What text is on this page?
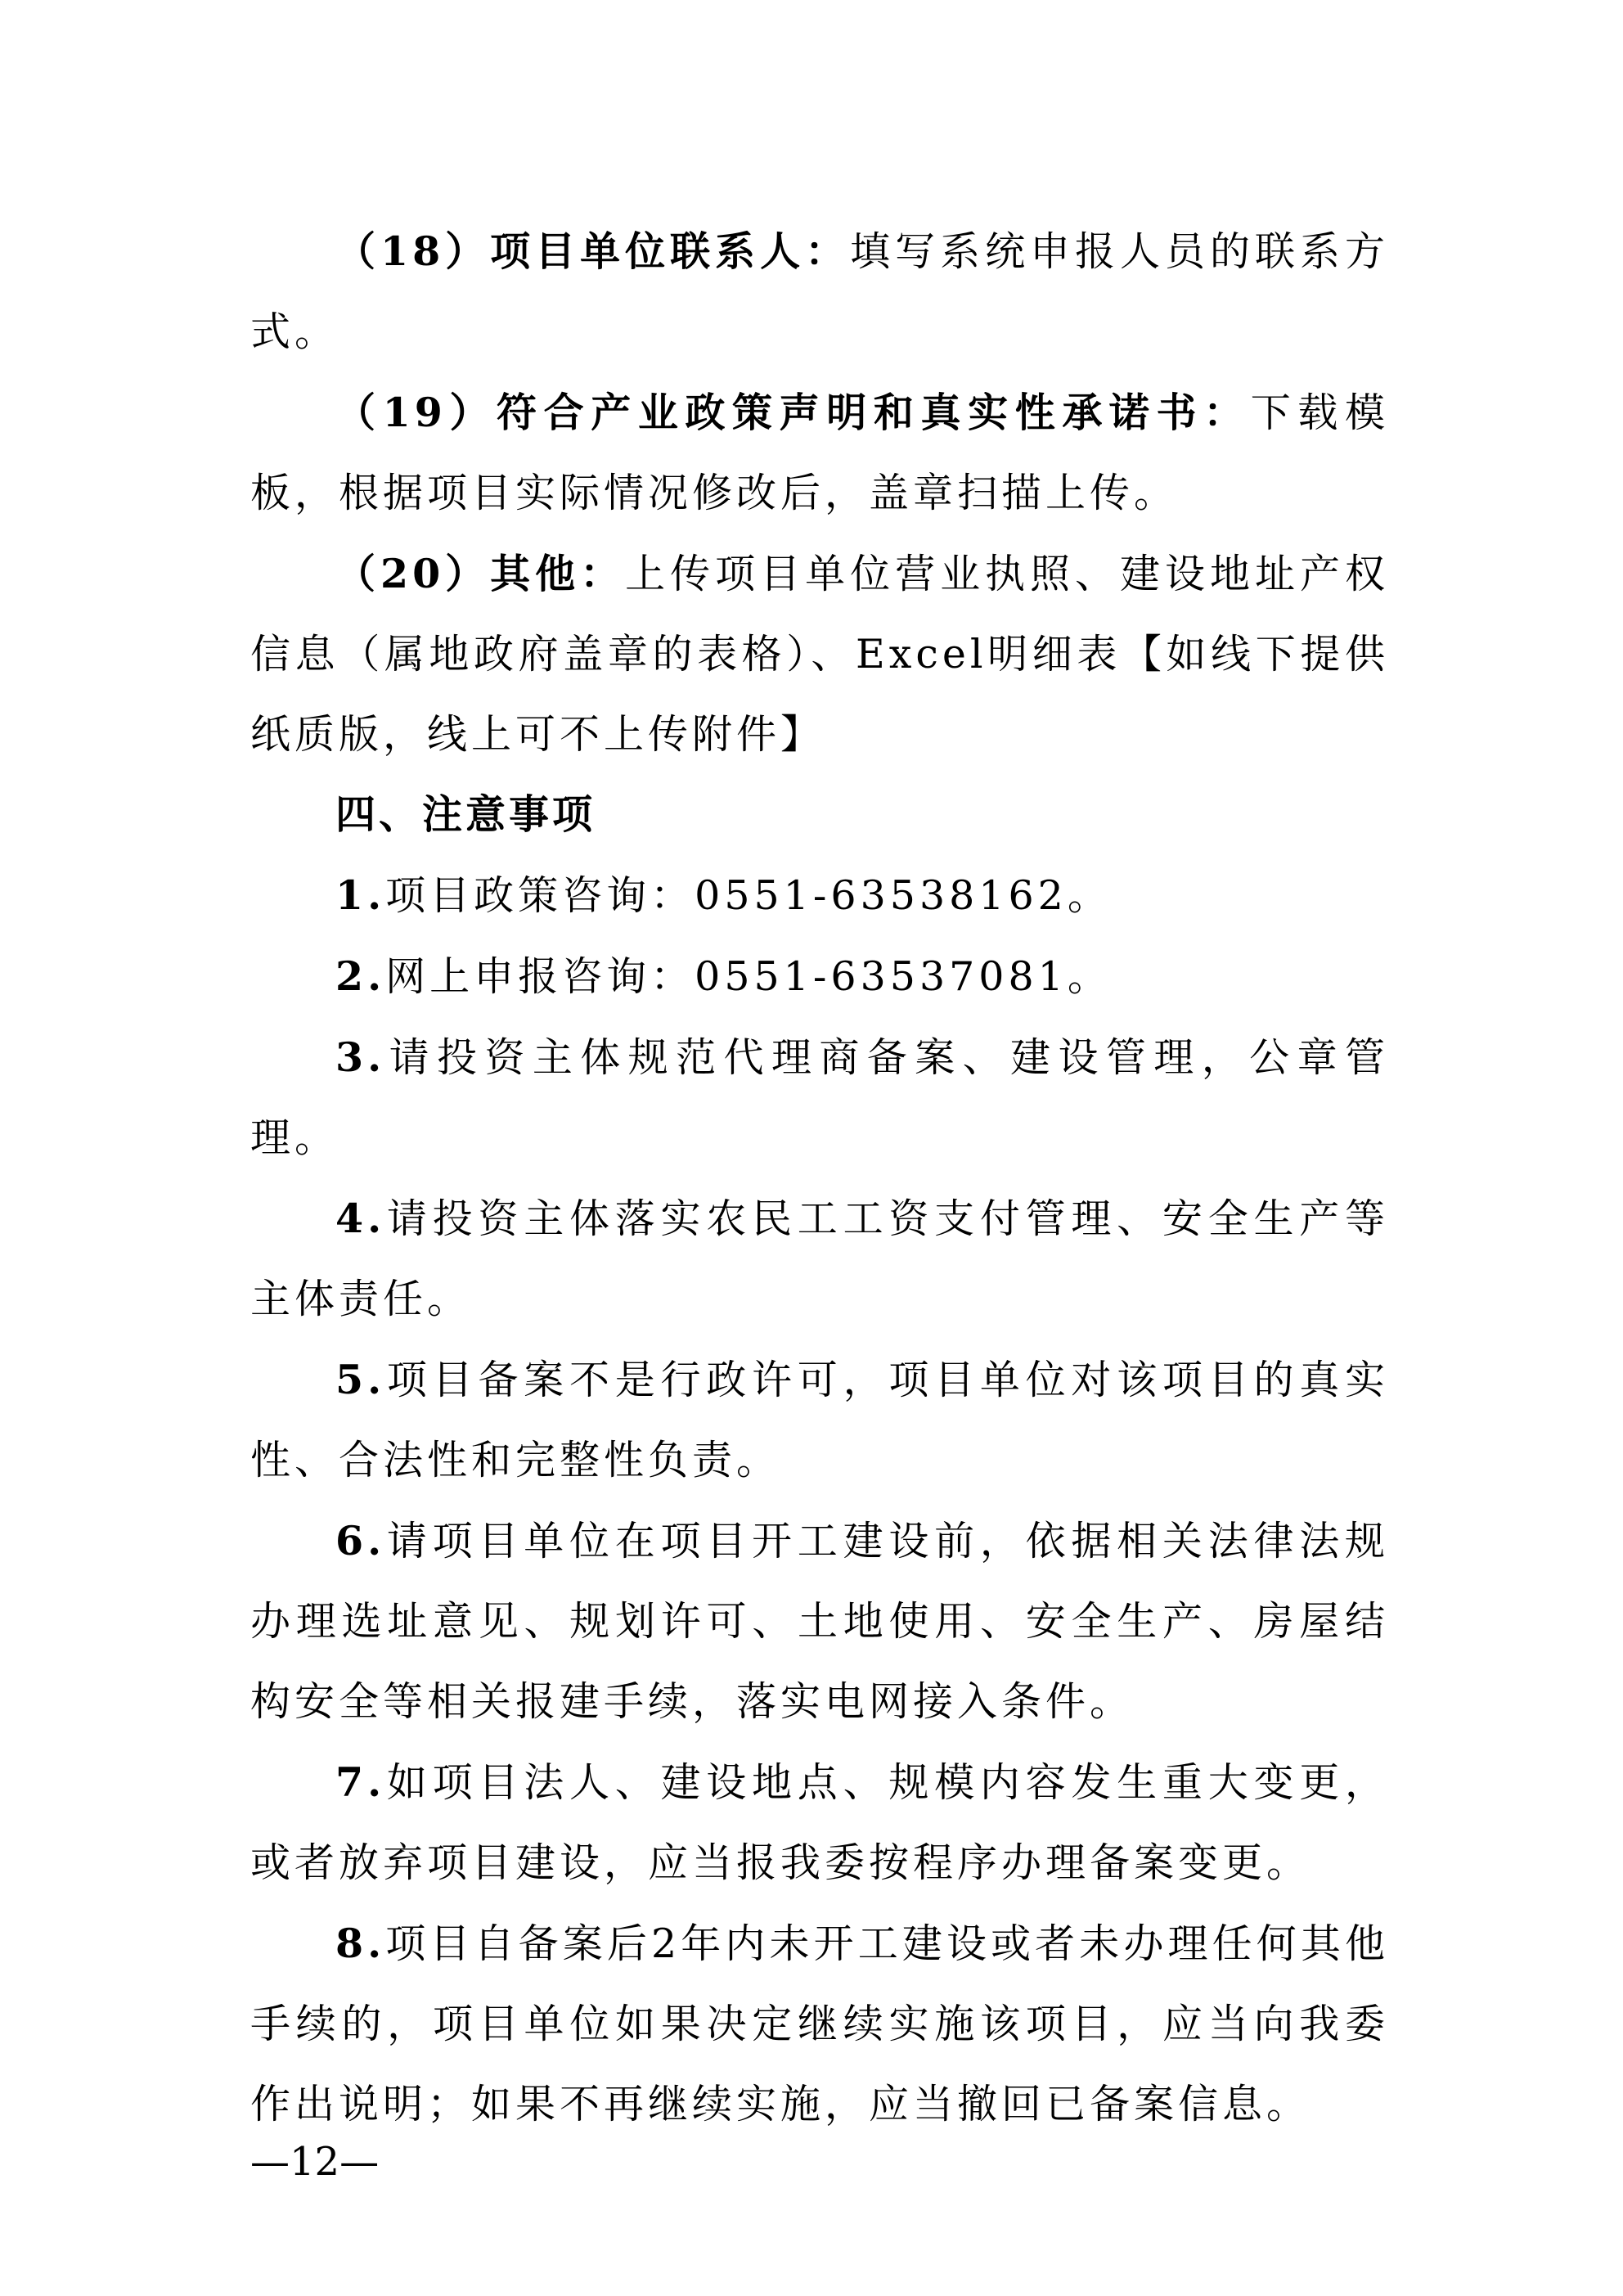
（18）项目单位联系人：填写系统申报人员的联系方式。

（19）符合产业政策声明和真实性承诺书：下载模板，根据项目实际情况修改后，盖章扫描上传。

（20）其他：上传项目单位营业执照、建设地址产权信息（属地政府盖章的表格）、Excel明细表【如线下提供纸质版，线上可不上传附件】

四、注意事项

1.项目政策咨询：0551-63538162。

2.网上申报咨询：0551-63537081。

3.请投资主体规范代理商备案、建设管理，公章管理。

4.请投资主体落实农民工工资支付管理、安全生产等主体责任。

5.项目备案不是行政许可，项目单位对该项目的真实性、合法性和完整性负责。

6.请项目单位在项目开工建设前，依据相关法律法规办理选址意见、规划许可、土地使用、安全生产、房屋结构安全等相关报建手续，落实电网接入条件。

7.如项目法人、建设地点、规模内容发生重大变更，或者放弃项目建设，应当报我委按程序办理备案变更。

8.项目自备案后2年内未开工建设或者未办理任何其他手续的，项目单位如果决定继续实施该项目，应当向我委作出说明；如果不再继续实施，应当撤回已备案信息。

—12—
